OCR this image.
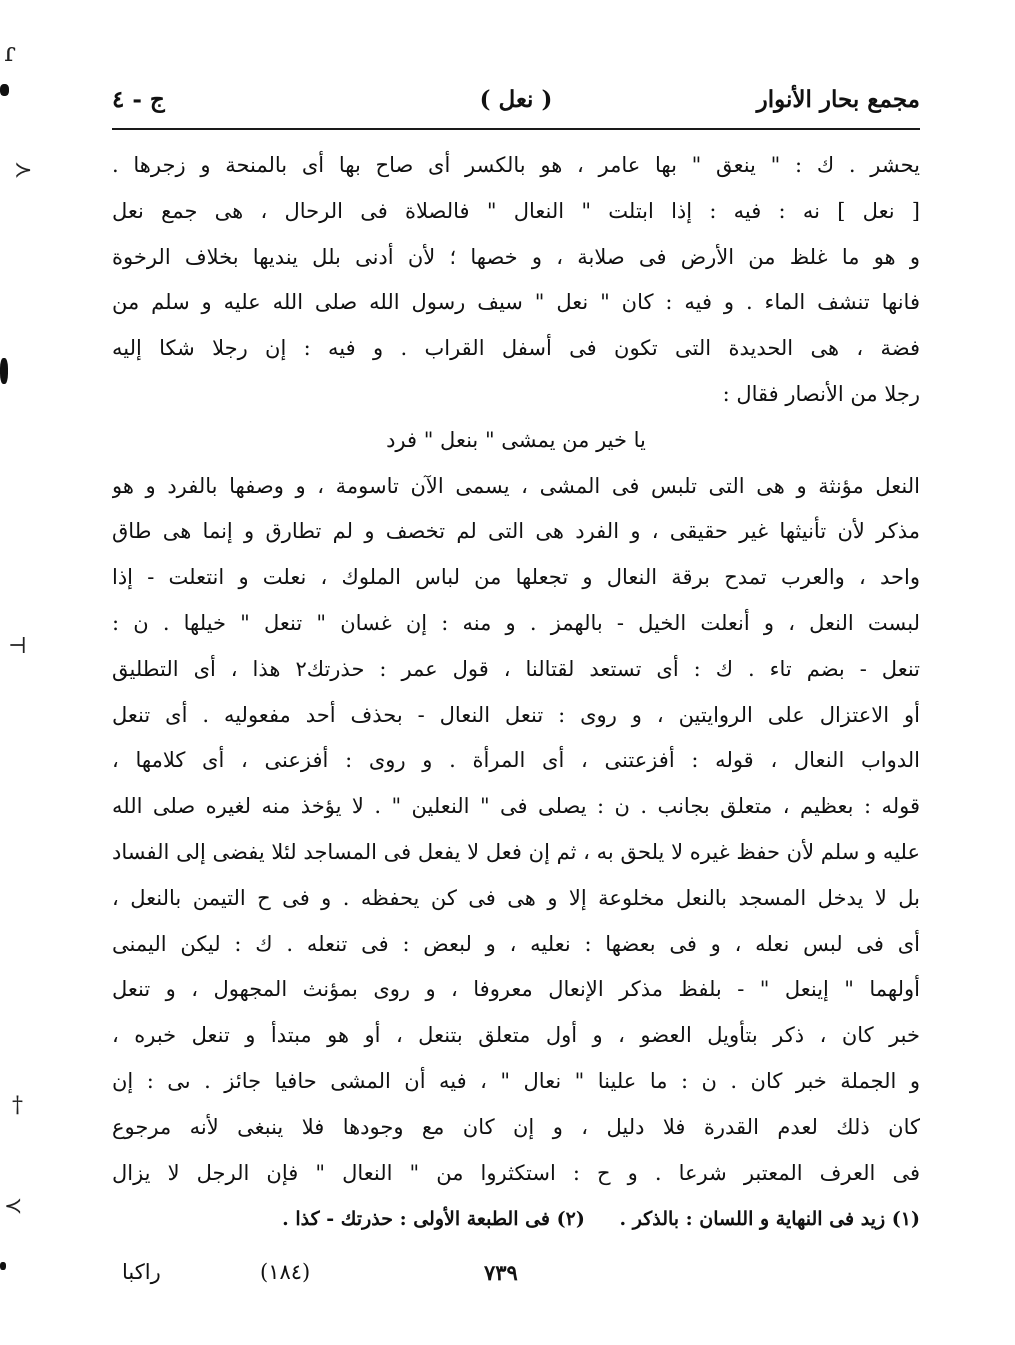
مجمع بحار الأنوار
( نعل )
ج - ٤
يحشر . ك : " ينعق " بها عامر ، هو بالكسر أى صاح بها أى بالمنحة و زجرها .
[ نعل ] نه : فيه : إذا ابتلت " النعال " فالصلاة فى الرحال ، هى جمع نعل
و هو ما غلظ من الأرض فى صلابة ، و خصها ؛ لأن أدنى بلل ينديها بخلاف الرخوة
فانها تنشف الماء . و فيه : كان " نعل " سيف رسول الله صلى الله عليه و سلم من
فضة ، هى الحديدة التى تكون فى أسفل القراب . و فيه : إن رجلا شكا إليه
رجلا من الأنصار فقال :
يا خير من يمشى " بنعل " فرد
النعل مؤنثة و هى التى تلبس فى المشى ، يسمى الآن تاسومة ، و وصفها بالفرد و هو
مذكر لأن تأنيثها غير حقيقى ، و الفرد هى التى لم تخصف و لم تطارق و إنما هى طاق
واحد ، والعرب تمدح برقة النعال و تجعلها من لباس الملوك ، نعلت و انتعلت - إذا
لبست النعل ، و أنعلت الخيل - بالهمز . و منه : إن غسان " تنعل " خيلها . ن :
تنعل - بضم تاء . ك : أى تستعد لقتالنا ، قول عمر : حذرتك٢ هذا ، أى التطليق
أو الاعتزال على الروايتين ، و روى : تنعل النعال - بحذف أحد مفعوليه . أى تنعل
الدواب النعال ، قوله : أفزعتنى ، أى المرأة . و روى : أفزعنى ، أى كلامها ،
قوله : بعظيم ، متعلق بجانب . ن : يصلى فى " النعلين " . لا يؤخذ منه لغيره صلى الله
عليه و سلم لأن حفظ غيره لا يلحق به ، ثم إن فعل لا يفعل فى المساجد لئلا يفضى إلى الفساد
بل لا يدخل المسجد بالنعل مخلوعة إلا و هى فى كن يحفظه . و فى ح التيمن بالنعل ،
أى فى لبس نعله ، و فى بعضها : نعليه ، و لبعض : فى تنعله . ك : ليكن اليمنى
أولهما " إينعل " - بلفظ مذكر الإنعال معروفا ، و روى بمؤنث المجهول ، و تنعل
خبر كان ، ذكر بتأويل العضو ، و أول متعلق بتنعل ، أو هو مبتدأ و تنعل خبره ،
و الجملة خبر كان . ن : ما علينا " نعال " ، فيه أن المشى حافيا جائز . ىى : إن
كان ذلك لعدم القدرة فلا دليل ، و إن كان مع وجودها فلا ينبغى لأنه مرجوع
فى العرف المعتبر شرعا . و ح : استكثروا من " النعال " فإن الرجل لا يزال
(١) زيد فى النهاية و اللسان : بالذكر . (٢) فى الطبعة الأولى : حذرتك - كذا .
راكبا	(١٨٤)	٧٣٩
ɾ
≻
⊣
†
≺
